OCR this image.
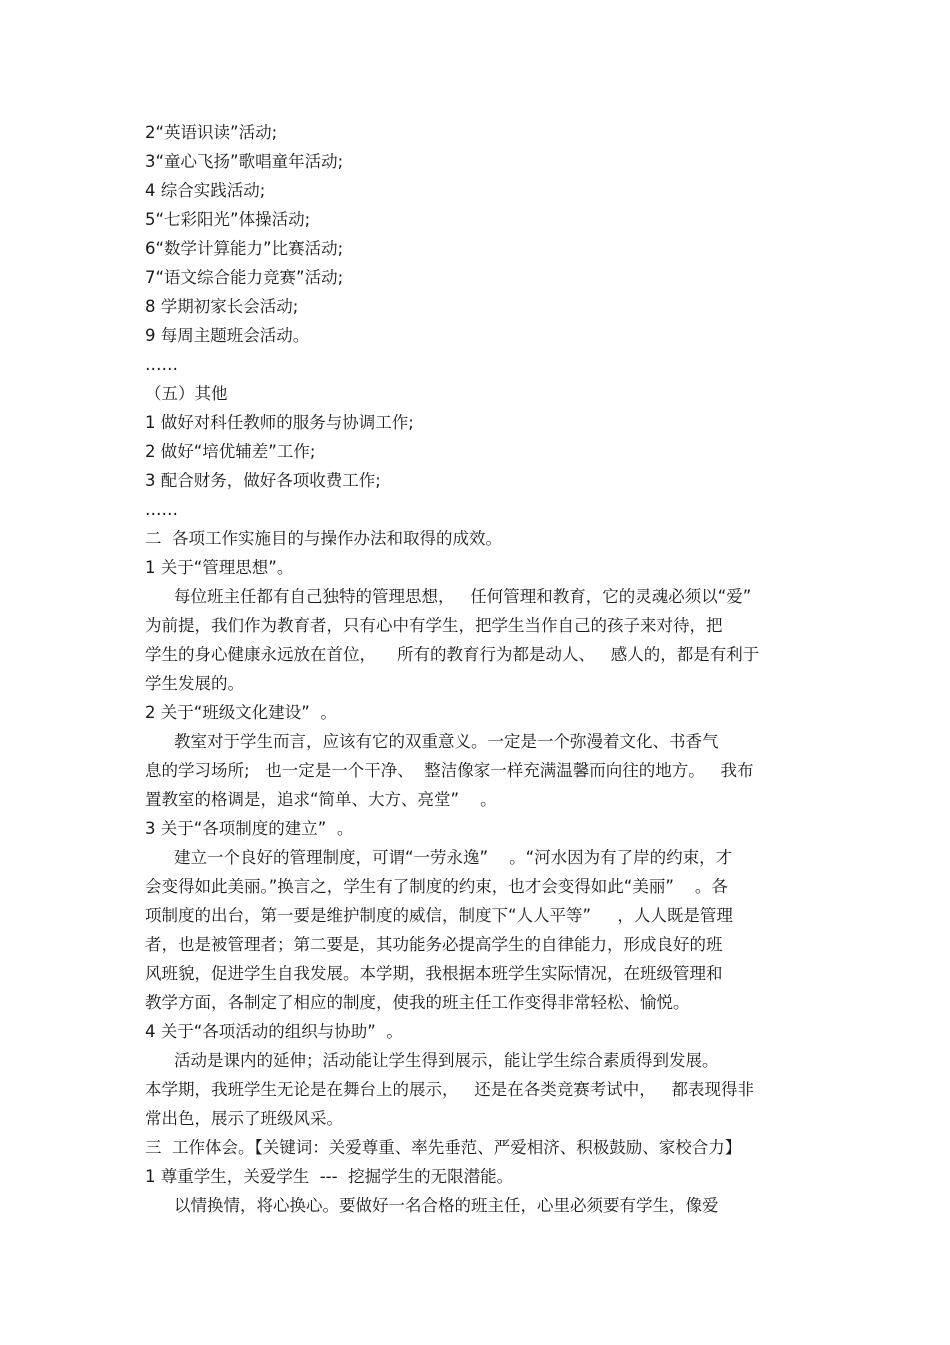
2“英语识读”活动;
3“童心飞扬”歌唱童年活动;
4 综合实践活动;
5“七彩阳光”体操活动;
6“数学计算能力”比赛活动;
7“语文综合能力竞赛”活动;
8 学期初家长会活动;
9 每周主题班会活动。
……
（五）其他
1 做好对科任教师的服务与协调工作;
2 做好“培优辅差”工作;
3 配合财务，做好各项收费工作;
……
二  各项工作实施目的与操作办法和取得的成效。
1 关于“管理思想”。
每位班主任都有自己独特的管理思想，   任何管理和教育，它的灵魂必须以“爱”
为前提，我们作为教育者，只有心中有学生，把学生当作自己的孩子来对待，把
学生的身心健康永远放在首位，    所有的教育行为都是动人、   感人的，都是有利于
学生发展的。
2 关于“班级文化建设”  。
教室对于学生而言，应该有它的双重意义。一定是一个弥漫着文化、书香气
息的学习场所;   也一定是一个干净、  整洁像家一样充满温馨而向往的地方。   我布
置教室的格调是，追求“简单、大方、亮堂”    。
3 关于“各项制度的建立”  。
建立一个良好的管理制度，可谓“一劳永逸”    。“河水因为有了岸的约束，才
会变得如此美丽。”换言之，学生有了制度的约束，也才会变得如此“美丽”    。各
项制度的出台，第一要是维护制度的威信，制度下“人人平等”     ，人人既是管理
者，也是被管理者；第二要是，其功能务必提高学生的自律能力，形成良好的班
风班貌，促进学生自我发展。本学期，我根据本班学生实际情况，在班级管理和
教学方面，各制定了相应的制度，使我的班主任工作变得非常轻松、愉悦。
4 关于“各项活动的组织与协助”  。
活动是课内的延伸；活动能让学生得到展示，能让学生综合素质得到发展。
本学期，我班学生无论是在舞台上的展示，   还是在各类竞赛考试中，   都表现得非
常出色，展示了班级风采。
三  工作体会。【关键词：关爱尊重、率先垂范、严爱相济、积极鼓励、家校合力】
1 尊重学生，关爱学生  ---  挖掘学生的无限潜能。
以情换情，将心换心。要做好一名合格的班主任，心里必须要有学生，像爱
